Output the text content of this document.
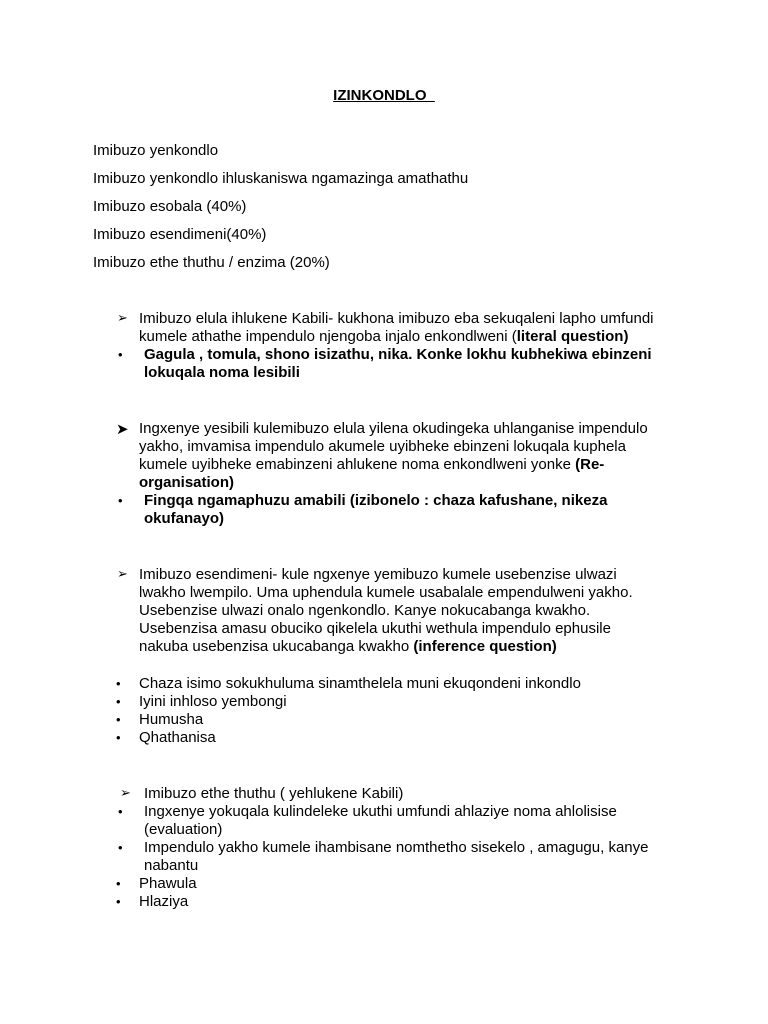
IZINKONDLO
Imibuzo yenkondlo
Imibuzo yenkondlo ihluskaniswa ngamazinga amathathu
Imibuzo esobala (40%)
Imibuzo esendimeni(40%)
Imibuzo ethe thuthu / enzima (20%)
➢ Imibuzo elula ihlukene Kabili- kukhona imibuzo eba sekuqaleni lapho umfundi
kumele athathe impendulo njengoba injalo enkondlweni (literal question)
• Gagula , tomula, shono isizathu, nika. Konke lokhu kubhekiwa ebinzeni
lokuqala noma lesibili
➤ Ingxenye yesibili kulemibuzo elula yilena okudingeka uhlanganise impendulo
yakho, imvamisa impendulo akumele uyibheke ebinzeni lokuqala kuphela
kumele uyibheke emabinzeni ahlukene noma enkondlweni yonke (Re-
organisation)
• Fingqa ngamaphuzu amabili (izibonelo : chaza kafushane, nikeza
okufanayo)
➢ Imibuzo esendimeni- kule ngxenye yemibuzo kumele usebenzise ulwazi
lwakho lwempilo. Uma uphendula kumele usabalale empendulweni yakho.
Usebenzise ulwazi onalo ngenkondlo. Kanye nokucabanga kwakho.
Usebenzisa amasu obuciko qikelela ukuthi wethula impendulo ephusile
nakuba usebenzisa ukucabanga kwakho (inference question)
• Chaza isimo sokukhuluma sinamthelela muni ekuqondeni inkondlo
• Iyini inhloso yembongi
• Humusha
• Qhathanisa
➢ Imibuzo ethe thuthu ( yehlukene Kabili)
• Ingxenye yokuqala kulindeleke ukuthi umfundi ahlaziye noma ahlolisise
(evaluation)
• Impendulo yakho kumele ihambisane nomthetho sisekelo , amagugu, kanye
nabantu
• Phawula
• Hlaziya
